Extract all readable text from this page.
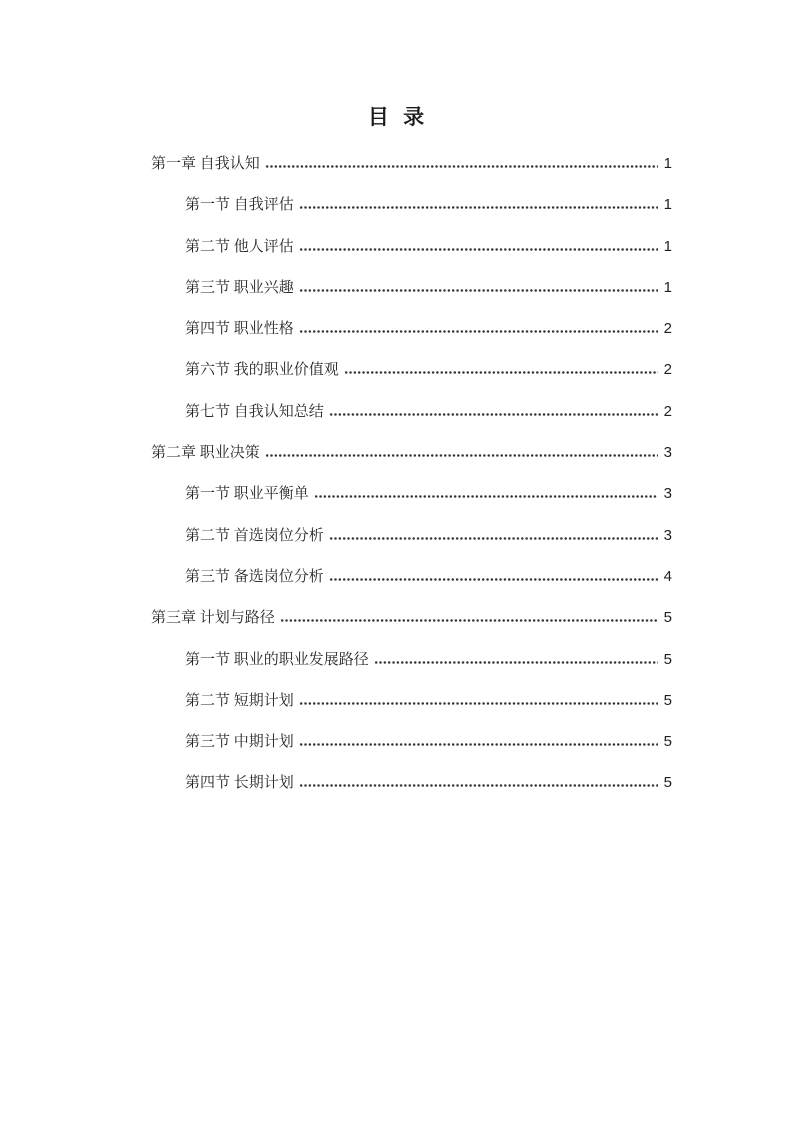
目 录
第一章 自我认知	1
第一节 自我评估	1
第二节 他人评估	1
第三节 职业兴趣	1
第四节 职业性格	2
第六节 我的职业价值观	2
第七节 自我认知总结	2
第二章 职业决策	3
第一节 职业平衡单	3
第二节 首选岗位分析	3
第三节 备选岗位分析	4
第三章 计划与路径	5
第一节 职业的职业发展路径	5
第二节 短期计划	5
第三节 中期计划	5
第四节 长期计划	5
